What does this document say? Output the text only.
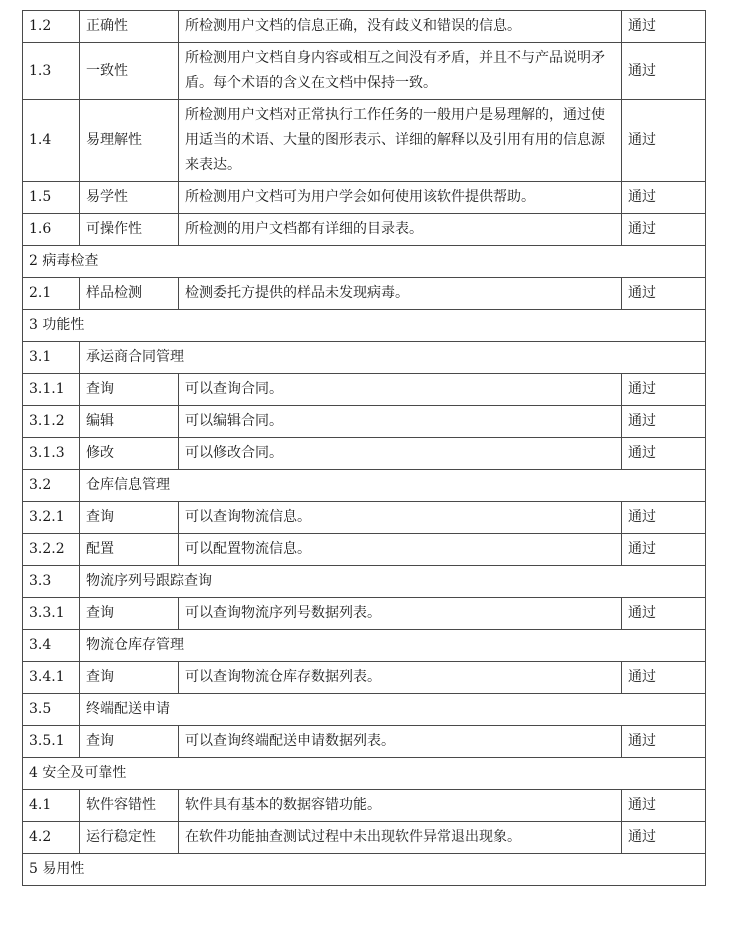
1.2	正确性	所检测用户文档的信息正确，没有歧义和错误的信息。	通过
1.3	一致性	所检测用户文档自身内容或相互之间没有矛盾，并且不与产品说明矛盾。每个术语的含义在文档中保持一致。	通过
1.4	易理解性	所检测用户文档对正常执行工作任务的一般用户是易理解的，通过使用适当的术语、大量的图形表示、详细的解释以及引用有用的信息源来表达。	通过
1.5	易学性	所检测用户文档可为用户学会如何使用该软件提供帮助。	通过
1.6	可操作性	所检测的用户文档都有详细的目录表。	通过
2 病毒检查			
2.1	样品检测	检测委托方提供的样品未发现病毒。	通过
3 功能性			
3.1	承运商合同管理		
3.1.1	查询	可以查询合同。	通过
3.1.2	编辑	可以编辑合同。	通过
3.1.3	修改	可以修改合同。	通过
3.2	仓库信息管理		
3.2.1	查询	可以查询物流信息。	通过
3.2.2	配置	可以配置物流信息。	通过
3.3	物流序列号跟踪查询		
3.3.1	查询	可以查询物流序列号数据列表。	通过
3.4	物流仓库存管理		
3.4.1	查询	可以查询物流仓库存数据列表。	通过
3.5	终端配送申请		
3.5.1	查询	可以查询终端配送申请数据列表。	通过
4 安全及可靠性			
4.1	软件容错性	软件具有基本的数据容错功能。	通过
4.2	运行稳定性	在软件功能抽查测试过程中未出现软件异常退出现象。	通过
5 易用性			
